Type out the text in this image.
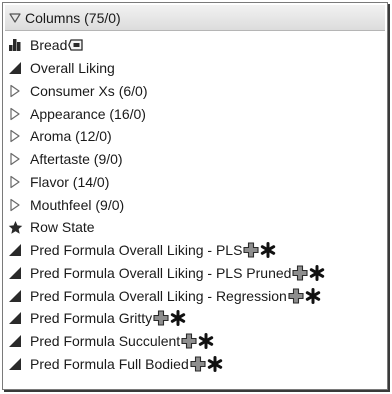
Columns (75/0)
Bread
Overall Liking
Consumer Xs (6/0)
Appearance (16/0)
Aroma (12/0)
Aftertaste (9/0)
Flavor (14/0)
Mouthfeel (9/0)
Row State
Pred Formula Overall Liking - PLS
Pred Formula Overall Liking - PLS Pruned
Pred Formula Overall Liking - Regression
Pred Formula Gritty
Pred Formula Succulent
Pred Formula Full Bodied
